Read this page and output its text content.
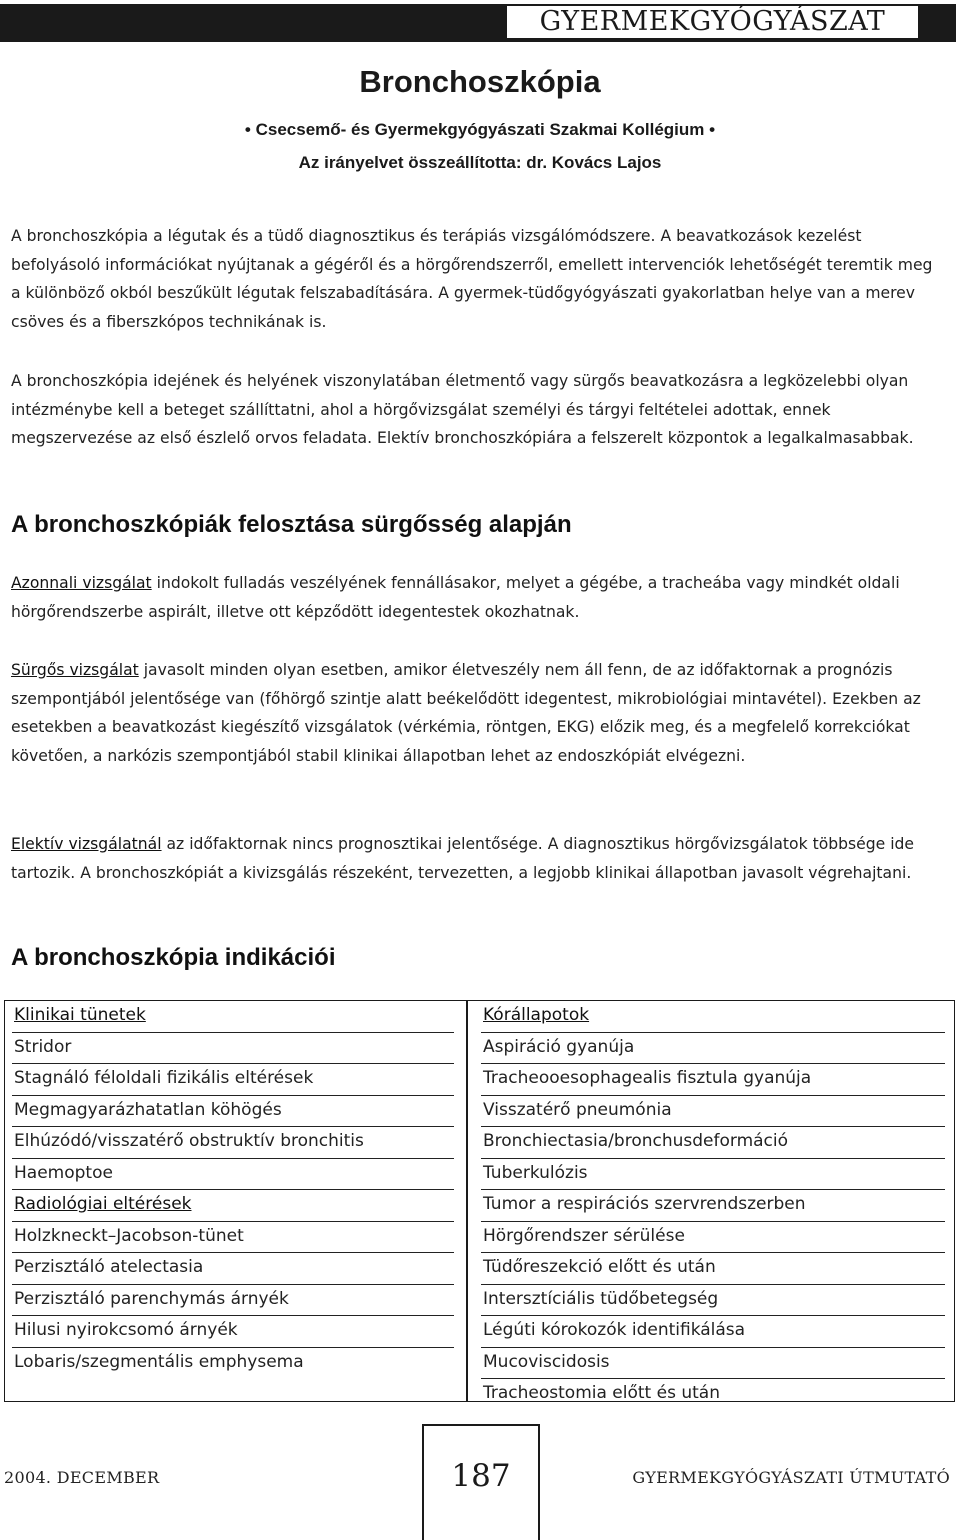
GYERMEKGYÓGYÁSZAT
Bronchoszkópia
• Csecsemő- és Gyermekgyógyászati Szakmai Kollégium •
Az irányelvet összeállította: dr. Kovács Lajos

A bronchoszkópia a légutak és a tüdő diagnosztikus és terápiás vizsgálómódszere. A beavatkozások kezelést befolyásoló információkat nyújtanak a gégéről és a hörgőrendszerről, emellett intervenciók lehetőségét teremtik meg a különböző okból beszűkült légutak felszabadítására. A gyermek-tüdőgyógyászati gyakorlatban helye van a merev csöves és a fiberszkópos technikának is.

A bronchoszkópia idejének és helyének viszonylatában életmentő vagy sürgős beavatkozásra a legközelebbi olyan intézménybe kell a beteget szállíttatni, ahol a hörgővizsgálat személyi és tárgyi feltételei adottak, ennek megszervezése az első észlelő orvos feladata. Elektív bronchoszkópiára a felszerelt központok a legalkalmasabbak.

A bronchoszkópiák felosztása sürgősség alapján

Azonnali vizsgálat indokolt fulladás veszélyének fennállásakor, melyet a gégébe, a tracheába vagy mindkét oldali hörgőrendszerbe aspirált, illetve ott képződött idegentestek okozhatnak.

Sürgős vizsgálat javasolt minden olyan esetben, amikor életveszély nem áll fenn, de az időfaktornak a prognózis szempontjából jelentősége van (főhörgő szintje alatt beékelődött idegentest, mikrobiológiai mintavétel). Ezekben az esetekben a beavatkozást kiegészítő vizsgálatok (vérkémia, röntgen, EKG) előzik meg, és a megfelelő korrekciókat követően, a narkózis szempontjából stabil klinikai állapotban lehet az endoszkópiát elvégezni.

Elektív vizsgálatnál az időfaktornak nincs prognosztikai jelentősége. A diagnosztikus hörgővizsgálatok többsége ide tartozik. A bronchoszkópiát a kivizsgálás részeként, tervezetten, a legjobb klinikai állapotban javasolt végrehajtani.

A bronchoszkópia indikációi
Klinikai tünetek
Stridor
Stagnáló féloldali fizikális eltérések
Megmagyarázhatatlan köhögés
Elhúzódó/visszatérő obstruktív bronchitis
Haemoptoe
Radiológiai eltérések
Holzkneckt–Jacobson-tünet
Perzisztáló atelectasia
Perzisztáló parenchymás árnyék
Hilusi nyirokcsomó árnyék
Lobaris/szegmentális emphysema
Kórállapotok
Aspiráció gyanúja
Tracheooesophagealis fisztula gyanúja
Visszatérő pneumónia
Bronchiectasia/bronchusdeformáció
Tuberkulózis
Tumor a respirációs szervrendszerben
Hörgőrendszer sérülése
Tüdőreszekció előtt és után
Intersztíciális tüdőbetegség
Légúti kórokozók identifikálása
Mucoviscidosis
Tracheostomia előtt és után
2004. DECEMBER	187	GYERMEKGYÓGYÁSZATI ÚTMUTATÓ
